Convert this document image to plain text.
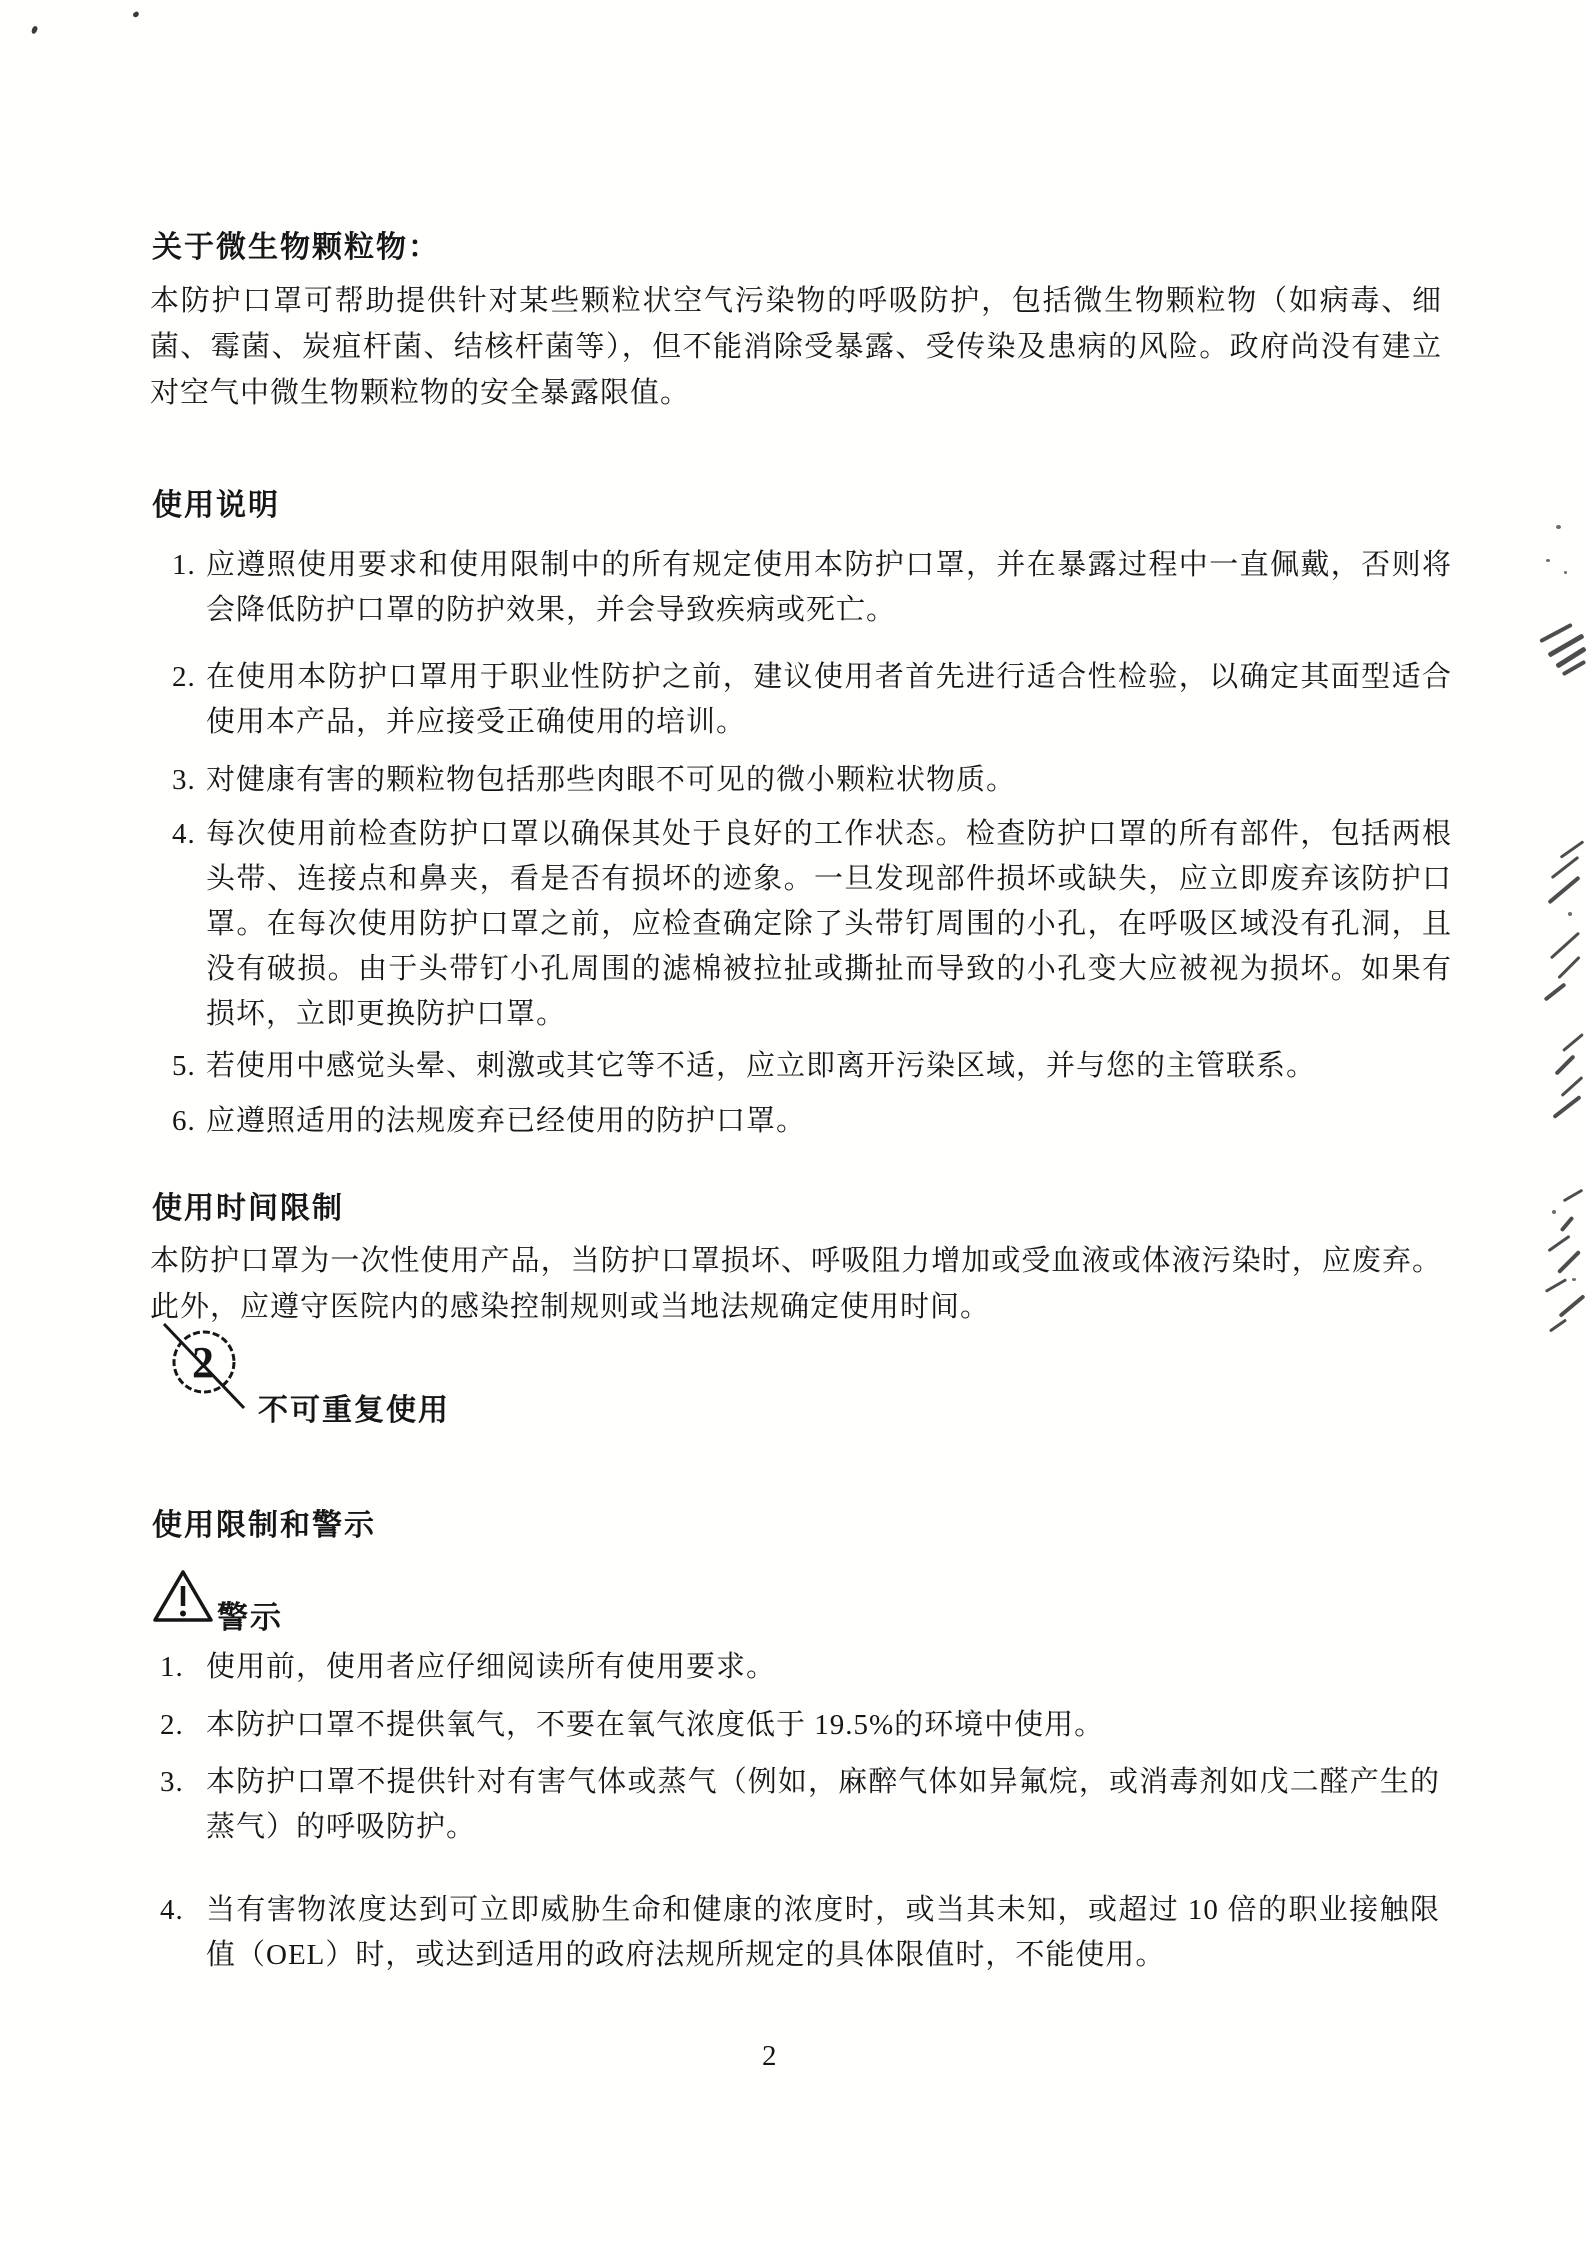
关于微生物颗粒物：
本防护口罩可帮助提供针对某些颗粒状空气污染物的呼吸防护，包括微生物颗粒物（如病毒、细菌、霉菌、炭疽杆菌、结核杆菌等），但不能消除受暴露、受传染及患病的风险。政府尚没有建立对空气中微生物颗粒物的安全暴露限值。
使用说明
1. 应遵照使用要求和使用限制中的所有规定使用本防护口罩，并在暴露过程中一直佩戴，否则将会降低防护口罩的防护效果，并会导致疾病或死亡。
2. 在使用本防护口罩用于职业性防护之前，建议使用者首先进行适合性检验，以确定其面型适合使用本产品，并应接受正确使用的培训。
3. 对健康有害的颗粒物包括那些肉眼不可见的微小颗粒状物质。
4. 每次使用前检查防护口罩以确保其处于良好的工作状态。检查防护口罩的所有部件，包括两根头带、连接点和鼻夹，看是否有损坏的迹象。一旦发现部件损坏或缺失，应立即废弃该防护口罩。在每次使用防护口罩之前，应检查确定除了头带钉周围的小孔，在呼吸区域没有孔洞，且没有破损。由于头带钉小孔周围的滤棉被拉扯或撕扯而导致的小孔变大应被视为损坏。如果有损坏，立即更换防护口罩。
5. 若使用中感觉头晕、刺激或其它等不适，应立即离开污染区域，并与您的主管联系。
6. 应遵照适用的法规废弃已经使用的防护口罩。
使用时间限制
本防护口罩为一次性使用产品，当防护口罩损坏、呼吸阻力增加或受血液或体液污染时，应废弃。此外，应遵守医院内的感染控制规则或当地法规确定使用时间。
2
不可重复使用
使用限制和警示
警示
1. 使用前，使用者应仔细阅读所有使用要求。
2. 本防护口罩不提供氧气，不要在氧气浓度低于 19.5%的环境中使用。
3. 本防护口罩不提供针对有害气体或蒸气（例如，麻醉气体如异氟烷，或消毒剂如戊二醛产生的蒸气）的呼吸防护。
4. 当有害物浓度达到可立即威胁生命和健康的浓度时，或当其未知，或超过 10 倍的职业接触限值（OEL）时，或达到适用的政府法规所规定的具体限值时，不能使用。
2
